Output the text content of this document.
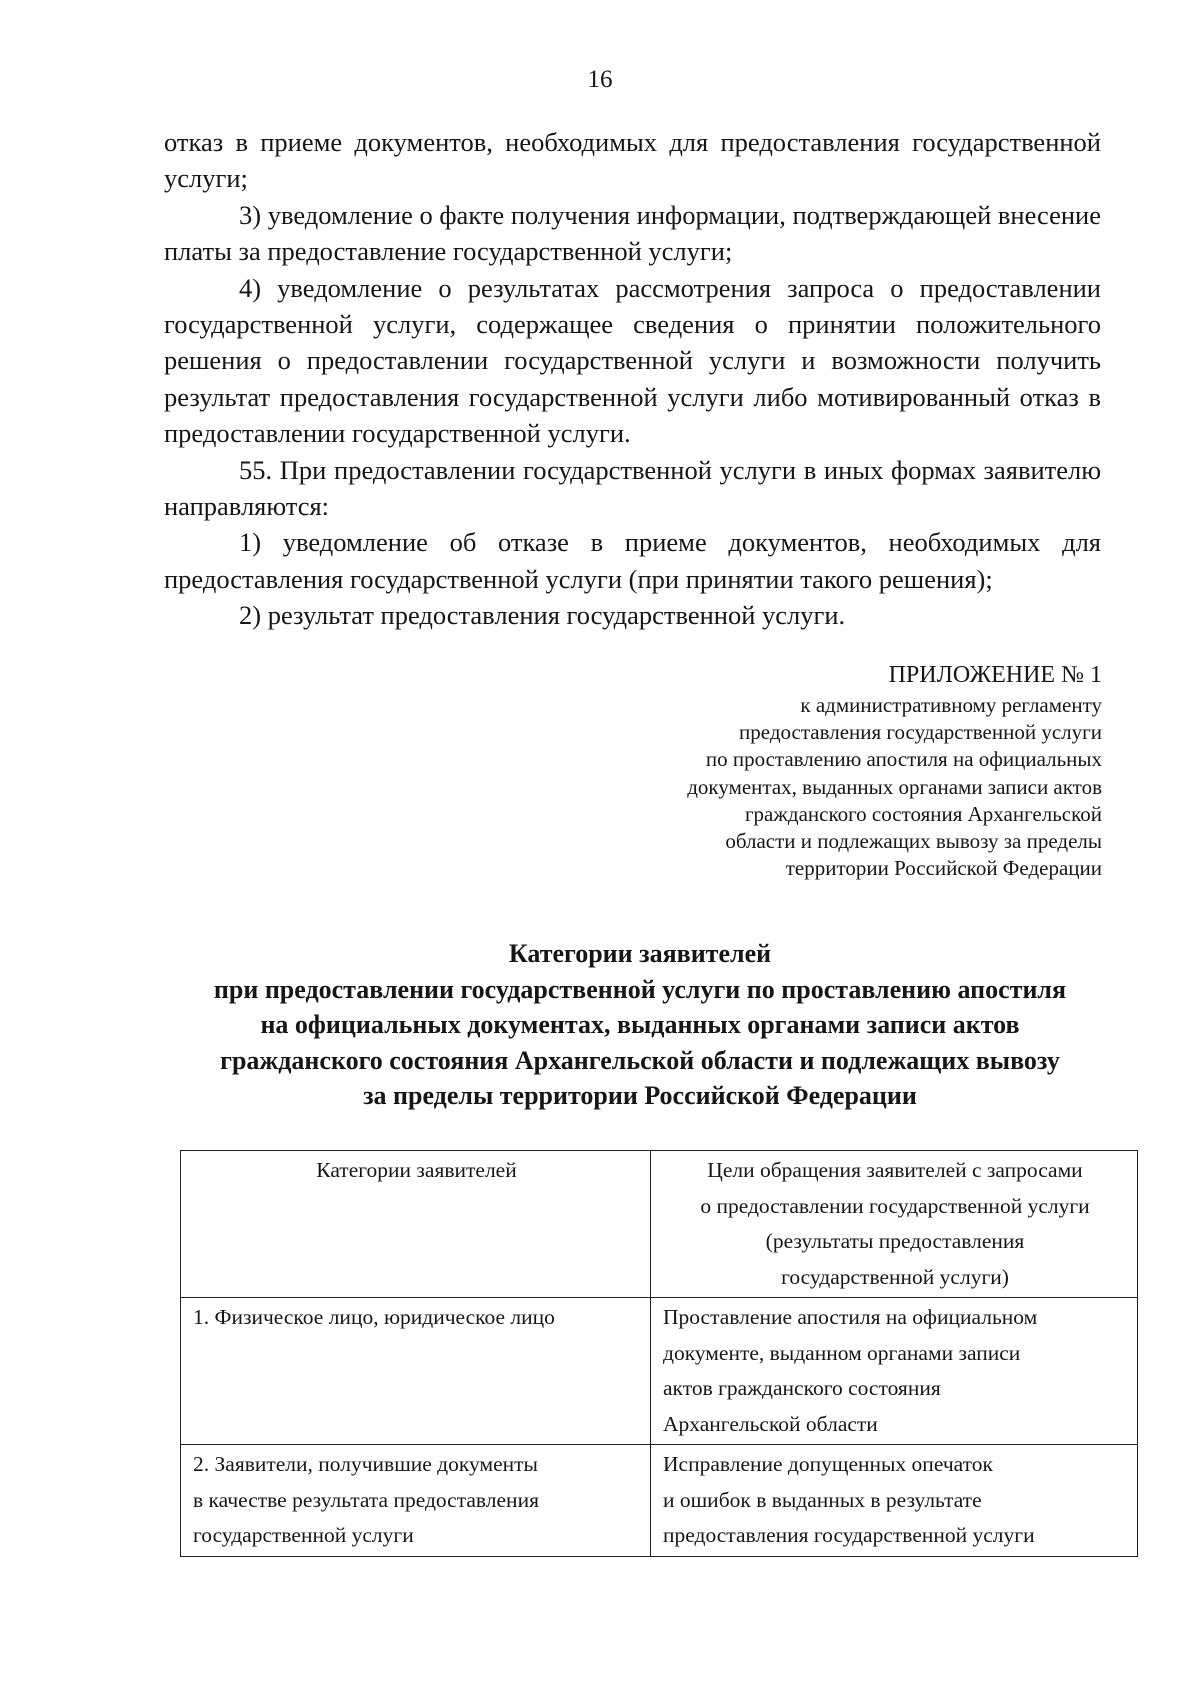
16

отказ в приеме документов, необходимых для предоставления государственной услуги;

3) уведомление о факте получения информации, подтверждающей внесение платы за предоставление государственной услуги;

4) уведомление о результатах рассмотрения запроса о предоставлении государственной услуги, содержащее сведения о принятии положительного решения о предоставлении государственной услуги и возможности получить результат предоставления государственной услуги либо мотивированный отказ в предоставлении государственной услуги.

55. При предоставлении государственной услуги в иных формах заявителю направляются:

1) уведомление об отказе в приеме документов, необходимых для предоставления государственной услуги (при принятии такого решения);

2) результат предоставления государственной услуги.

ПРИЛОЖЕНИЕ № 1
к административному регламенту
предоставления государственной услуги
по проставлению апостиля на официальных
документах, выданных органами записи актов
гражданского состояния Архангельской
области и подлежащих вывозу за пределы
территории Российской Федерации
Категории заявителей
при предоставлении государственной услуги по проставлению апостиля
на официальных документах, выданных органами записи актов
гражданского состояния Архангельской области и подлежащих вывозу
за пределы территории Российской Федерации
Категории заявителей	Цели обращения заявителей с запросами
о предоставлении государственной услуги
(результаты предоставления
государственной услуги)

1. Физическое лицо, юридическое лицо	Проставление апостиля на официальном
документе, выданном органами записи
актов гражданского состояния
Архангельской области

2. Заявители, получившие документы
в качестве результата предоставления
государственной услуги	Исправление допущенных опечаток
и ошибок в выданных в результате
предоставления государственной услуги
